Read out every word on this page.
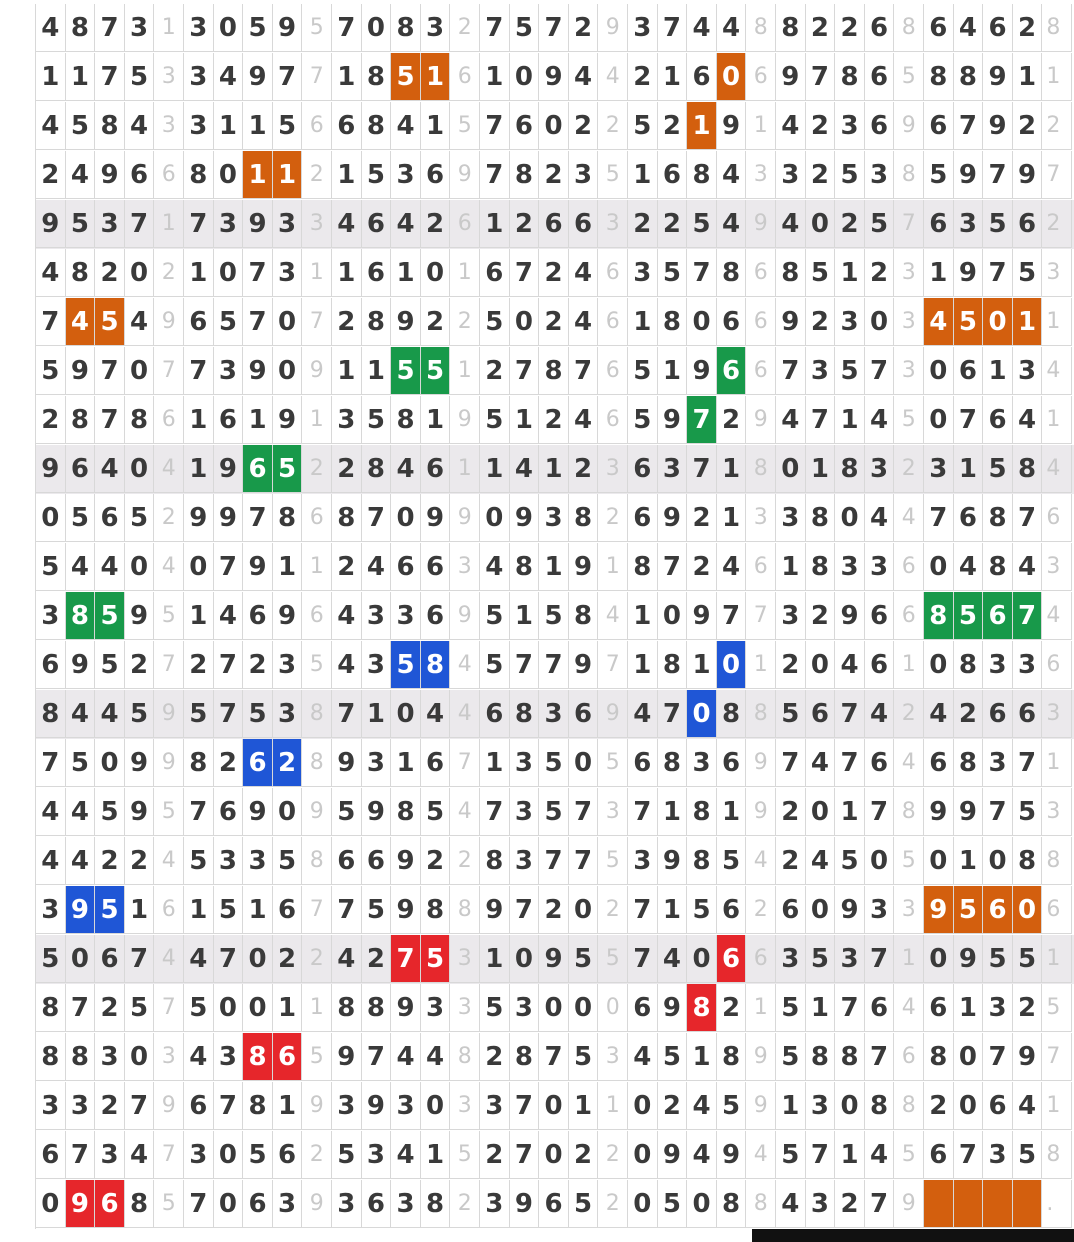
4 8 7 3 1 3 0 5 9 5 7 0 8 3 2 7 5 7 2 9 3 7 4 4 8 8 2 2 6 8 6 4 6 2 8
1 1 7 5 3 3 4 9 7 7 1 8 5 1 6 1 0 9 4 4 2 1 6 0 6 9 7 8 6 5 8 8 9 1 1
4 5 8 4 3 3 1 1 5 6 6 8 4 1 5 7 6 0 2 2 5 2 1 9 1 4 2 3 6 9 6 7 9 2 2
2 4 9 6 6 8 0 1 1 2 1 5 3 6 9 7 8 2 3 5 1 6 8 4 3 3 2 5 3 8 5 9 7 9 7
9 5 3 7 1 7 3 9 3 3 4 6 4 2 6 1 2 6 6 3 2 2 5 4 9 4 0 2 5 7 6 3 5 6 2
4 8 2 0 2 1 0 7 3 1 1 6 1 0 1 6 7 2 4 6 3 5 7 8 6 8 5 1 2 3 1 9 7 5 3
7 4 5 4 9 6 5 7 0 7 2 8 9 2 2 5 0 2 4 6 1 8 0 6 6 9 2 3 0 3 4 5 0 1 1
5 9 7 0 7 7 3 9 0 9 1 1 5 5 1 2 7 8 7 6 5 1 9 6 6 7 3 5 7 3 0 6 1 3 4
2 8 7 8 6 1 6 1 9 1 3 5 8 1 9 5 1 2 4 6 5 9 7 2 9 4 7 1 4 5 0 7 6 4 1
9 6 4 0 4 1 9 6 5 2 2 8 4 6 1 1 4 1 2 3 6 3 7 1 8 0 1 8 3 2 3 1 5 8 4
0 5 6 5 2 9 9 7 8 6 8 7 0 9 9 0 9 3 8 2 6 9 2 1 3 3 8 0 4 4 7 6 8 7 6
5 4 4 0 4 0 7 9 1 1 2 4 6 6 3 4 8 1 9 1 8 7 2 4 6 1 8 3 3 6 0 4 8 4 3
3 8 5 9 5 1 4 6 9 6 4 3 3 6 9 5 1 5 8 4 1 0 9 7 7 3 2 9 6 6 8 5 6 7 4
6 9 5 2 7 2 7 2 3 5 4 3 5 8 4 5 7 7 9 7 1 8 1 0 1 2 0 4 6 1 0 8 3 3 6
8 4 4 5 9 5 7 5 3 8 7 1 0 4 4 6 8 3 6 9 4 7 0 8 8 5 6 7 4 2 4 2 6 6 3
7 5 0 9 9 8 2 6 2 8 9 3 1 6 7 1 3 5 0 5 6 8 3 6 9 7 4 7 6 4 6 8 3 7 1
4 4 5 9 5 7 6 9 0 9 5 9 8 5 4 7 3 5 7 3 7 1 8 1 9 2 0 1 7 8 9 9 7 5 3
4 4 2 2 4 5 3 3 5 8 6 6 9 2 2 8 3 7 7 5 3 9 8 5 4 2 4 5 0 5 0 1 0 8 8
3 9 5 1 6 1 5 1 6 7 7 5 9 8 8 9 7 2 0 2 7 1 5 6 2 6 0 9 3 3 9 5 6 0 6
5 0 6 7 4 4 7 0 2 2 4 2 7 5 3 1 0 9 5 5 7 4 0 6 6 3 5 3 7 1 0 9 5 5 1
8 7 2 5 7 5 0 0 1 1 8 8 9 3 3 5 3 0 0 0 6 9 8 2 1 5 1 7 6 4 6 1 3 2 5
8 8 3 0 3 4 3 8 6 5 9 7 4 4 8 2 8 7 5 3 4 5 1 8 9 5 8 8 7 6 8 0 7 9 7
3 3 2 7 9 6 7 8 1 9 3 9 3 0 3 3 7 0 1 1 0 2 4 5 9 1 3 0 8 8 2 0 6 4 1
6 7 3 4 7 3 0 5 6 2 5 3 4 1 5 2 7 0 2 2 0 9 4 9 4 5 7 1 4 5 6 7 3 5 8
0 9 6 8 5 7 0 6 3 9 3 6 3 8 2 3 9 6 5 2 0 5 0 8 8 4 3 2 7 9	.
